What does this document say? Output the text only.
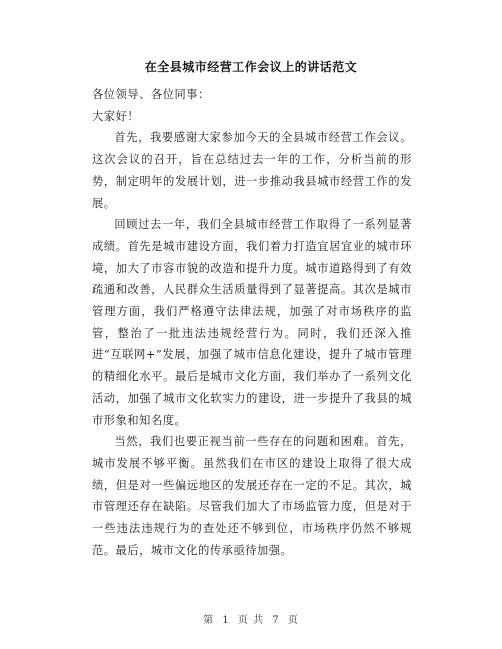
在全县城市经营工作会议上的讲话范文

各位领导、各位同事：

大家好！

首先，我要感谢大家参加今天的全县城市经营工作会议。这次会议的召开，旨在总结过去一年的工作，分析当前的形势，制定明年的发展计划，进一步推动我县城市经营工作的发展。

回顾过去一年，我们全县城市经营工作取得了一系列显著成绩。首先是城市建设方面，我们着力打造宜居宜业的城市环境，加大了市容市貌的改造和提升力度。城市道路得到了有效疏通和改善，人民群众生活质量得到了显著提高。其次是城市管理方面，我们严格遵守法律法规，加强了对市场秩序的监管，整治了一批违法违规经营行为。同时，我们还深入推进“互联网+”发展，加强了城市信息化建设，提升了城市管理的精细化水平。最后是城市文化方面，我们举办了一系列文化活动，加强了城市文化软实力的建设，进一步提升了我县的城市形象和知名度。

当然，我们也要正视当前一些存在的问题和困难。首先，城市发展不够平衡。虽然我们在市区的建设上取得了很大成绩，但是对一些偏远地区的发展还存在一定的不足。其次，城市管理还存在缺陷。尽管我们加大了市场监管力度，但是对于一些违法违规行为的查处还不够到位，市场秩序仍然不够规范。最后，城市文化的传承亟待加强。

第 1 页 共 7 页
